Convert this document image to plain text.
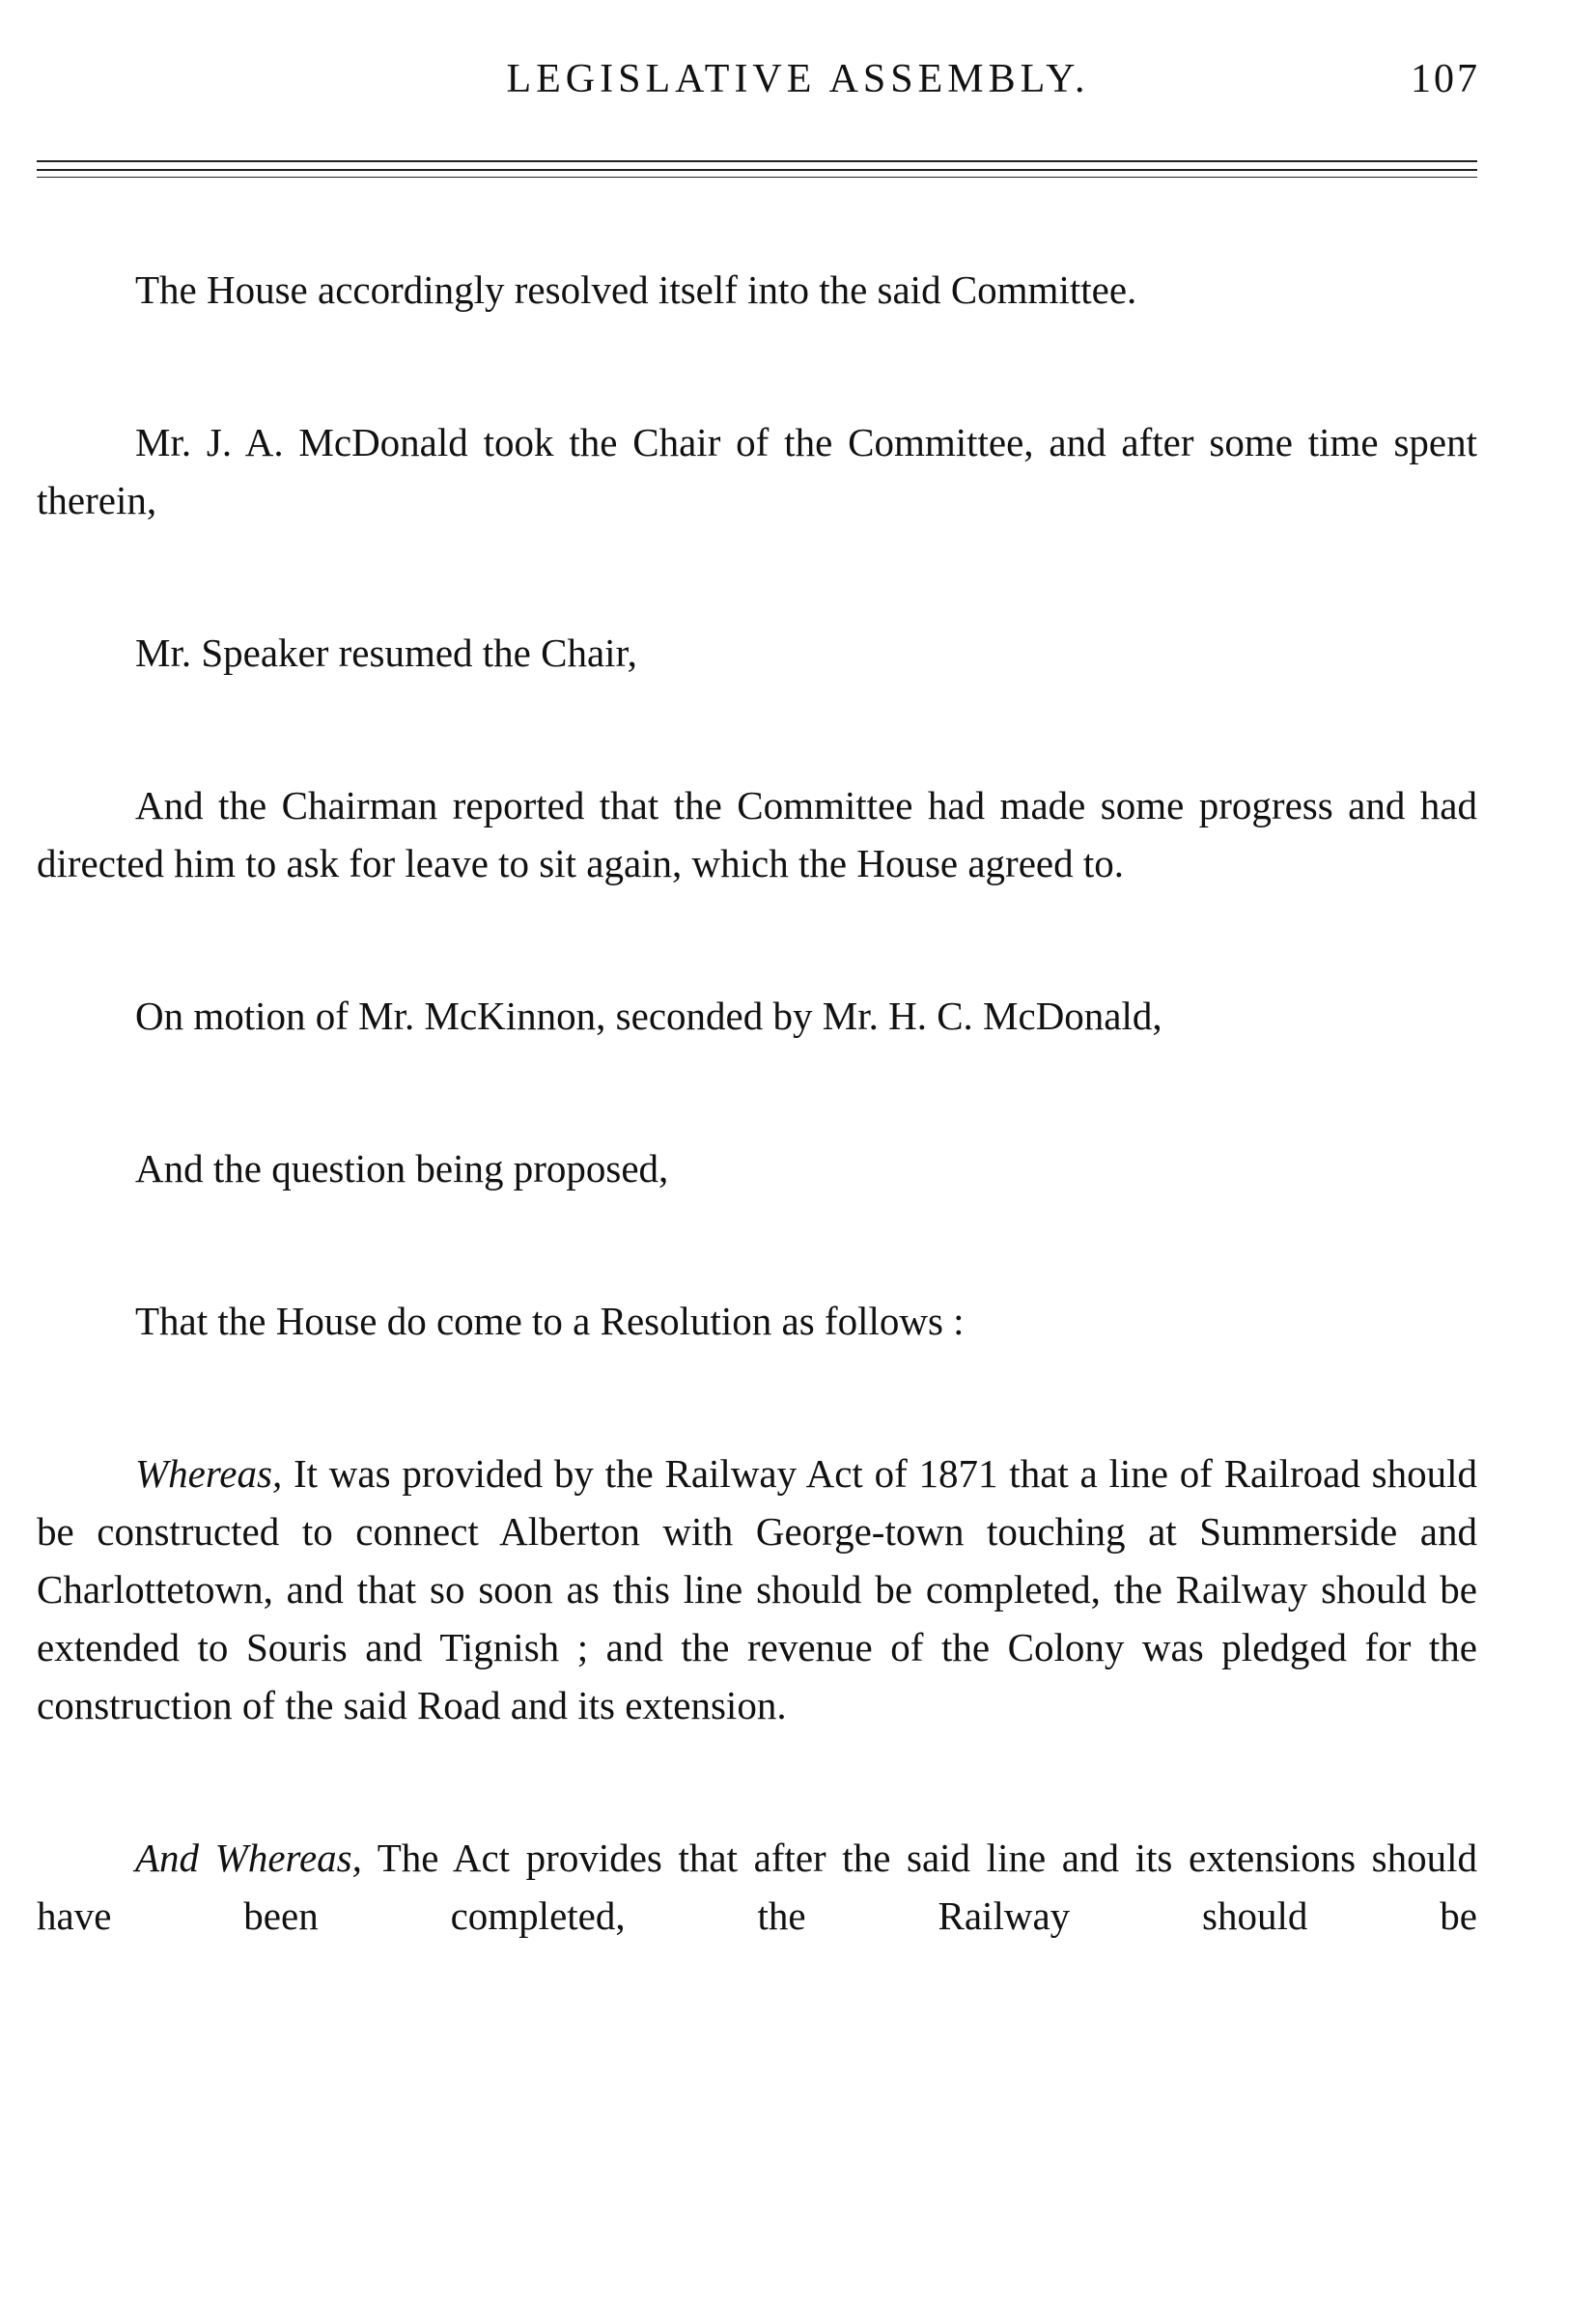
LEGISLATIVE ASSEMBLY.	107

The House accordingly resolved itself into the said Committee.

Mr. J. A. McDonald took the Chair of the Committee, and after some time spent therein,

Mr. Speaker resumed the Chair,

And the Chairman reported that the Committee had made some progress and had directed him to ask for leave to sit again, which the House agreed to.

On motion of Mr. McKinnon, seconded by Mr. H. C. McDonald,

And the question being proposed,

That the House do come to a Resolution as follows :

Whereas, It was provided by the Railway Act of 1871 that a line of Railroad should be constructed to connect Alberton with George-town touching at Summerside and Charlottetown, and that so soon as this line should be completed, the Railway should be extended to Souris and Tignish ; and the revenue of the Colony was pledged for the construction of the said Road and its extension.

And Whereas, The Act provides that after the said line and its extensions should have been completed, the Railway should be
